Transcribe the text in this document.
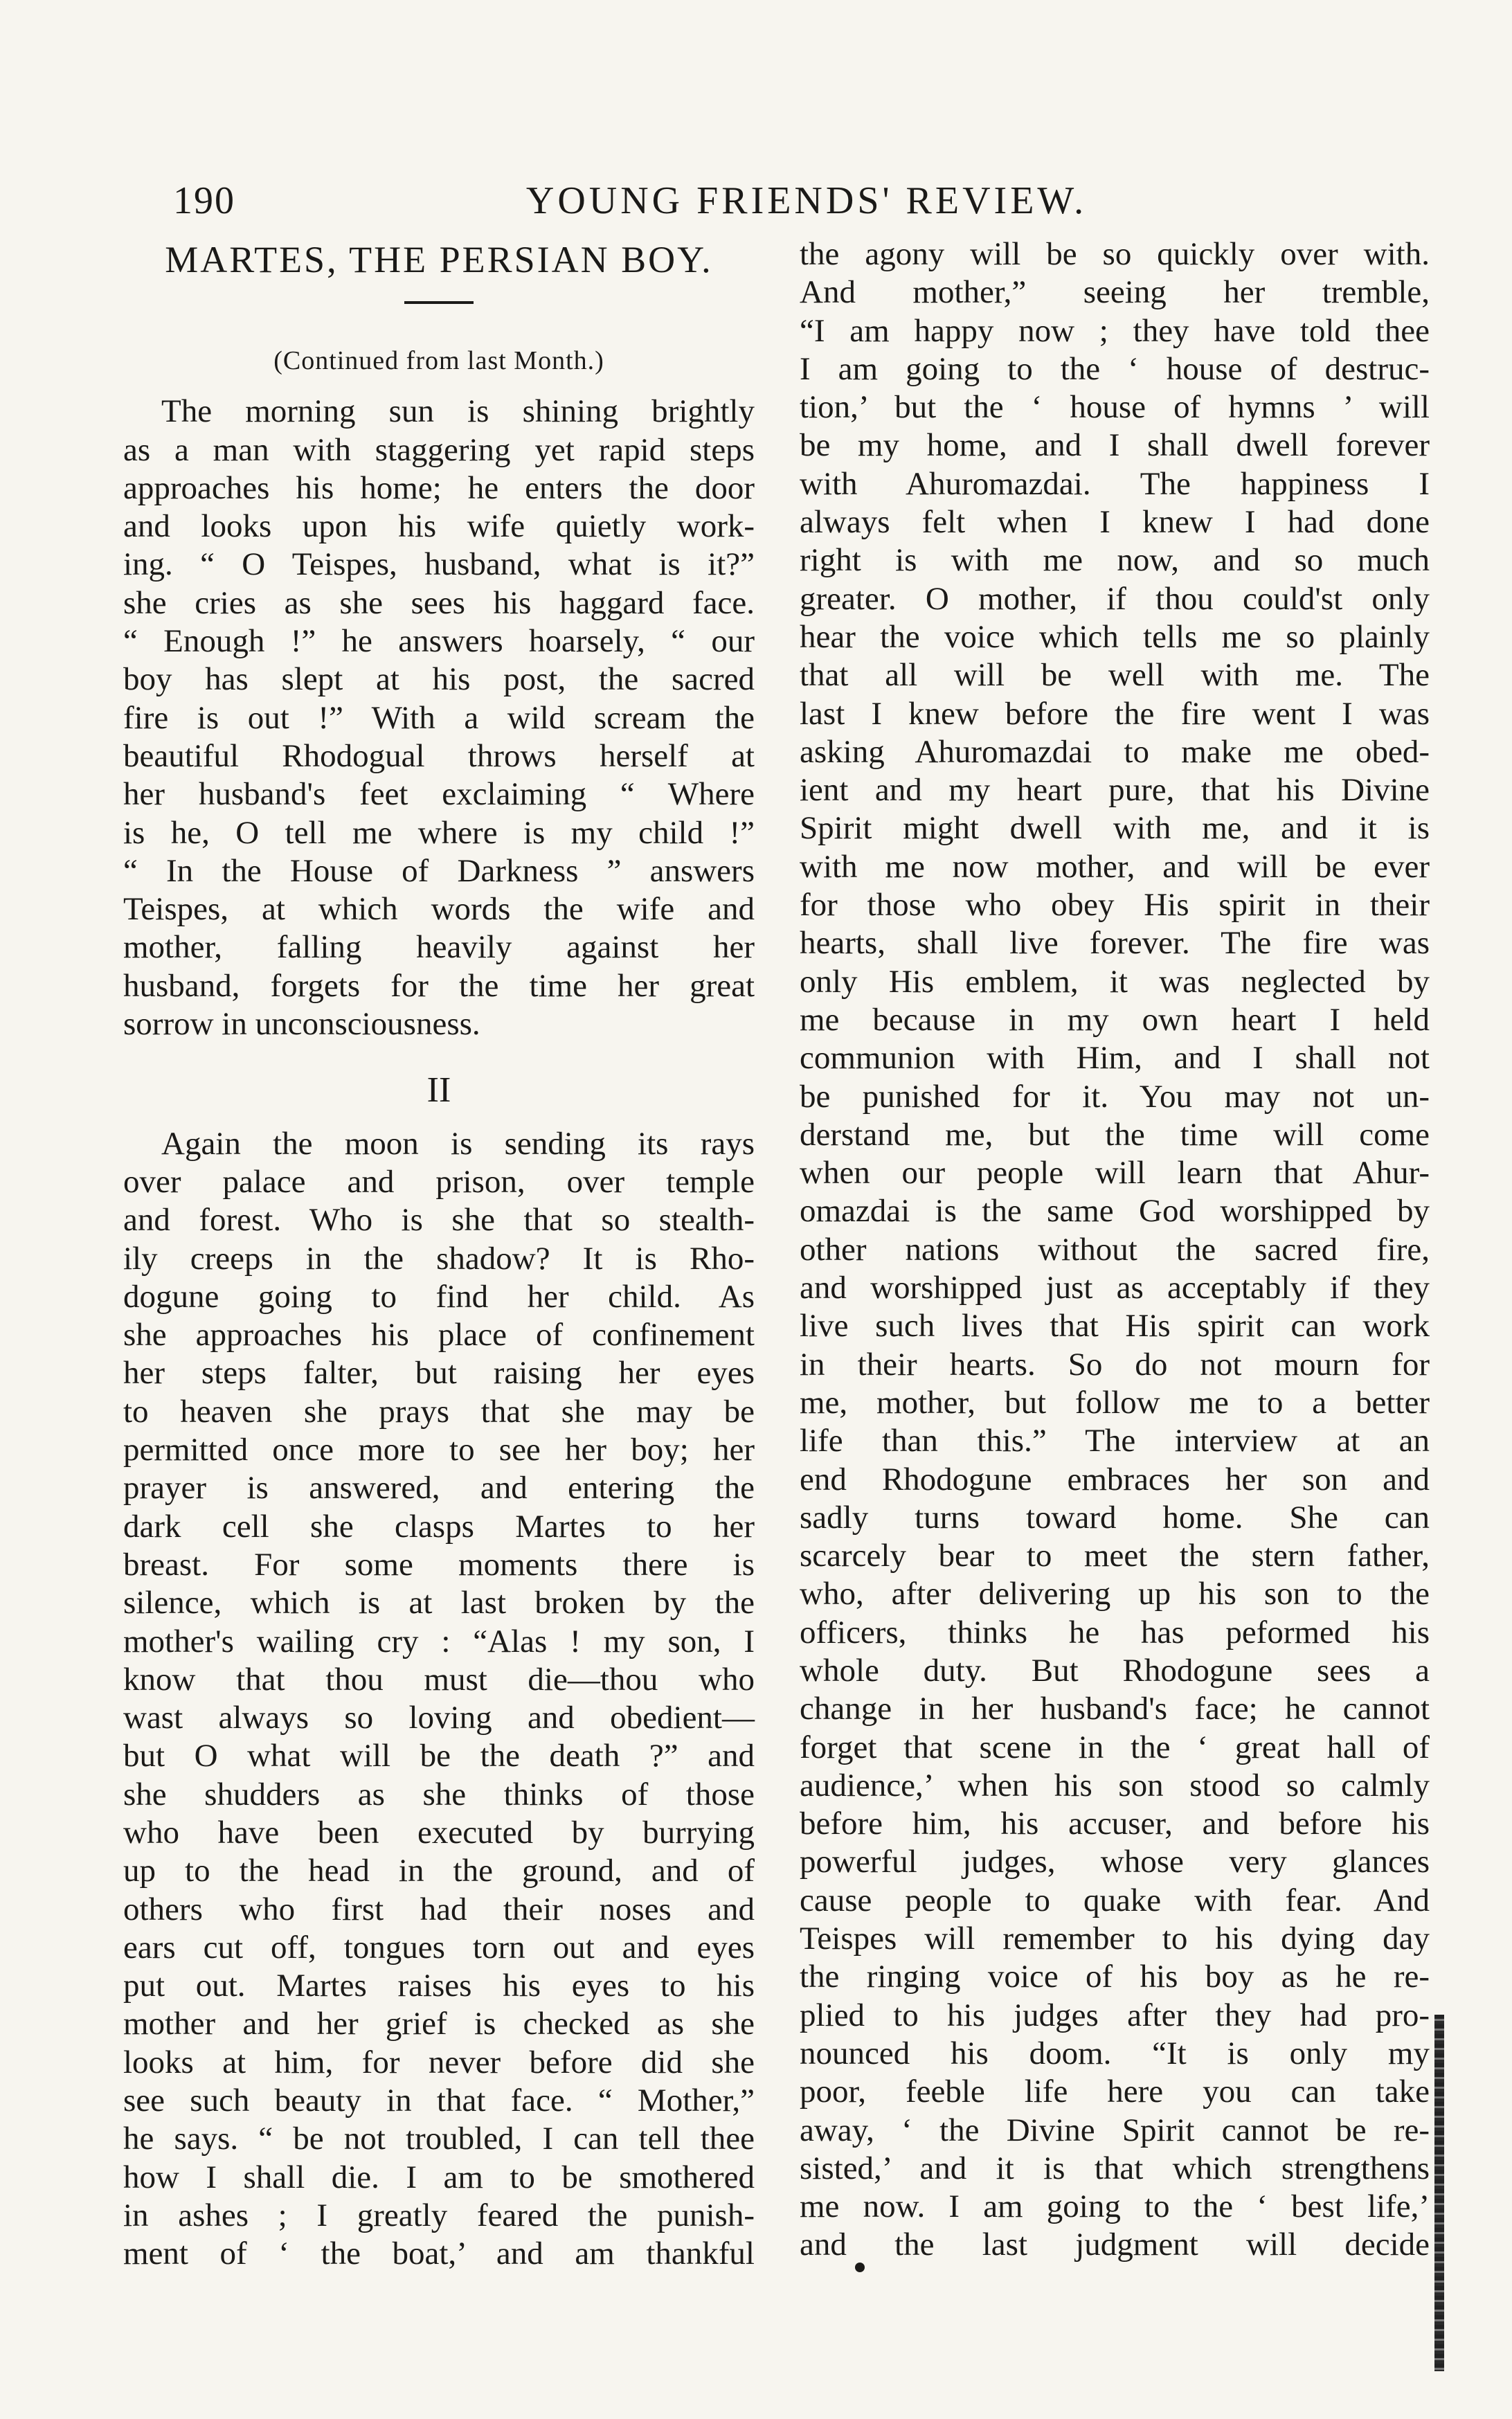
190	YOUNG FRIENDS' REVIEW.
MARTES, THE PERSIAN BOY.
(Continued from last Month.)
The morning sun is shining brightly
as a man with staggering yet rapid steps
approaches his home; he enters the door
and looks upon his wife quietly work-
ing. “ O Teispes, husband, what is it?”
she cries as she sees his haggard face.
“ Enough !” he answers hoarsely, “ our
boy has slept at his post, the sacred
fire is out !” With a wild scream the
beautiful Rhodogual throws herself at
her husband's feet exclaiming “ Where
is he, O tell me where is my child !”
“ In the House of Darkness ” answers
Teispes, at which words the wife and
mother, falling heavily against her
husband, forgets for the time her great
sorrow in unconsciousness.
II
Again the moon is sending its rays
over palace and prison, over temple
and forest. Who is she that so stealth-
ily creeps in the shadow? It is Rho-
dogune going to find her child. As
she approaches his place of confinement
her steps falter, but raising her eyes
to heaven she prays that she may be
permitted once more to see her boy; her
prayer is answered, and entering the
dark cell she clasps Martes to her
breast. For some moments there is
silence, which is at last broken by the
mother's wailing cry : “Alas ! my son, I
know that thou must die—thou who
wast always so loving and obedient—
but O what will be the death ?” and
she shudders as she thinks of those
who have been executed by burrying
up to the head in the ground, and of
others who first had their noses and
ears cut off, tongues torn out and eyes
put out. Martes raises his eyes to his
mother and her grief is checked as she
looks at him, for never before did she
see such beauty in that face. “ Mother,”
he says. “ be not troubled, I can tell thee
how I shall die. I am to be smothered
in ashes ; I greatly feared the punish-
ment of ‘ the boat,’ and am thankful
the agony will be so quickly over with.
And mother,” seeing her tremble,
“I am happy now ; they have told thee
I am going to the ‘ house of destruc-
tion,’ but the ‘ house of hymns ’ will
be my home, and I shall dwell forever
with Ahuromazdai. The happiness I
always felt when I knew I had done
right is with me now, and so much
greater. O mother, if thou could'st only
hear the voice which tells me so plainly
that all will be well with me. The
last I knew before the fire went I was
asking Ahuromazdai to make me obed-
ient and my heart pure, that his Divine
Spirit might dwell with me, and it is
with me now mother, and will be ever
for those who obey His spirit in their
hearts, shall live forever. The fire was
only His emblem, it was neglected by
me because in my own heart I held
communion with Him, and I shall not
be punished for it. You may not un-
derstand me, but the time will come
when our people will learn that Ahur-
omazdai is the same God worshipped by
other nations without the sacred fire,
and worshipped just as acceptably if they
live such lives that His spirit can work
in their hearts. So do not mourn for
me, mother, but follow me to a better
life than this.” The interview at an
end Rhodogune embraces her son and
sadly turns toward home. She can
scarcely bear to meet the stern father,
who, after delivering up his son to the
officers, thinks he has peformed his
whole duty. But Rhodogune sees a
change in her husband's face; he cannot
forget that scene in the ‘ great hall of
audience,’ when his son stood so calmly
before him, his accuser, and before his
powerful judges, whose very glances
cause people to quake with fear. And
Teispes will remember to his dying day
the ringing voice of his boy as he re-
plied to his judges after they had pro-
nounced his doom. “It is only my
poor, feeble life here you can take
away, ‘ the Divine Spirit cannot be re-
sisted,’ and it is that which strengthens
me now. I am going to the ‘ best life,’
and the last judgment will decide
